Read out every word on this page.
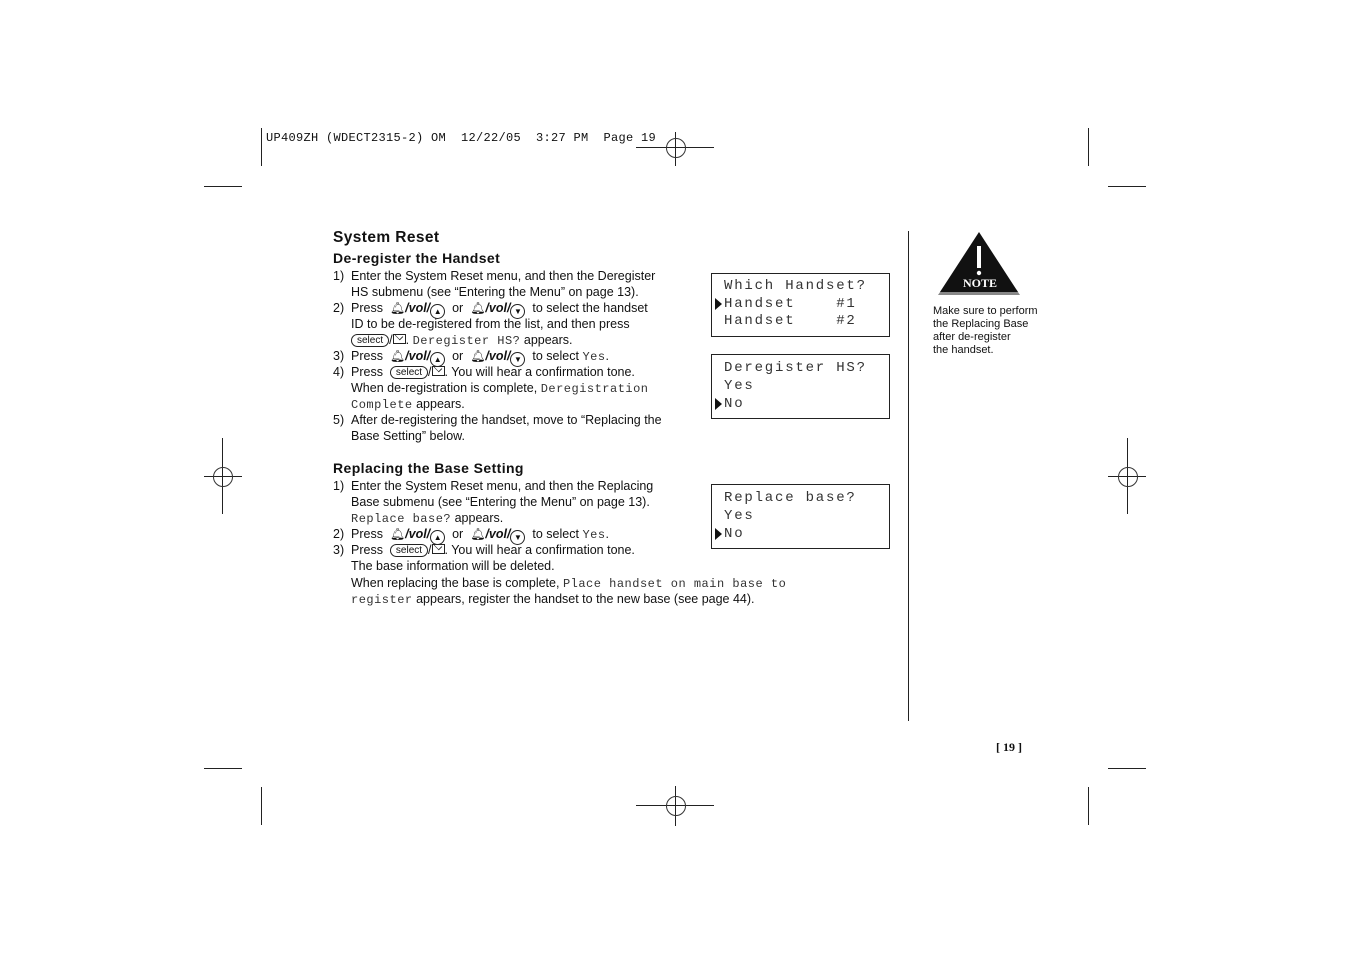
UP409ZH (WDECT2315-2) OM  12/22/05  3:27 PM  Page 19
System Reset
De-register the Handset
1) Enter the System Reset menu, and then the Deregister
HS submenu (see “Entering the Menu” on page 13).
2) Press 🔔︎/vol/ ▲ or 🔔︎/vol/ ▼ to select the handset
ID to be de-registered from the list, and then press
select / . Deregister HS? appears.
3) Press 🔔︎/vol/ ▲ or 🔔︎/vol/ ▼ to select Yes.
4) Press select / . You will hear a confirmation tone.
When de-registration is complete, Deregistration
Complete appears.
5) After de-registering the handset, move to “Replacing the
Base Setting” below.
Replacing the Base Setting
1) Enter the System Reset menu, and then the Replacing
Base submenu (see “Entering the Menu” on page 13).
Replace base? appears.
2) Press 🔔︎/vol/ ▲ or 🔔︎/vol/ ▼ to select Yes.
3) Press select / . You will hear a confirmation tone.
The base information will be deleted.
When replacing the base is complete, Place handset on main base to
register appears, register the handset to the new base (see page 44).
Which Handset?
Handset    #1
Handset    #2
Deregister HS?
Yes
No
Replace base?
Yes
No
NOTE
Make sure to perform
the Replacing Base
after de-register
the handset.
[ 19 ]
